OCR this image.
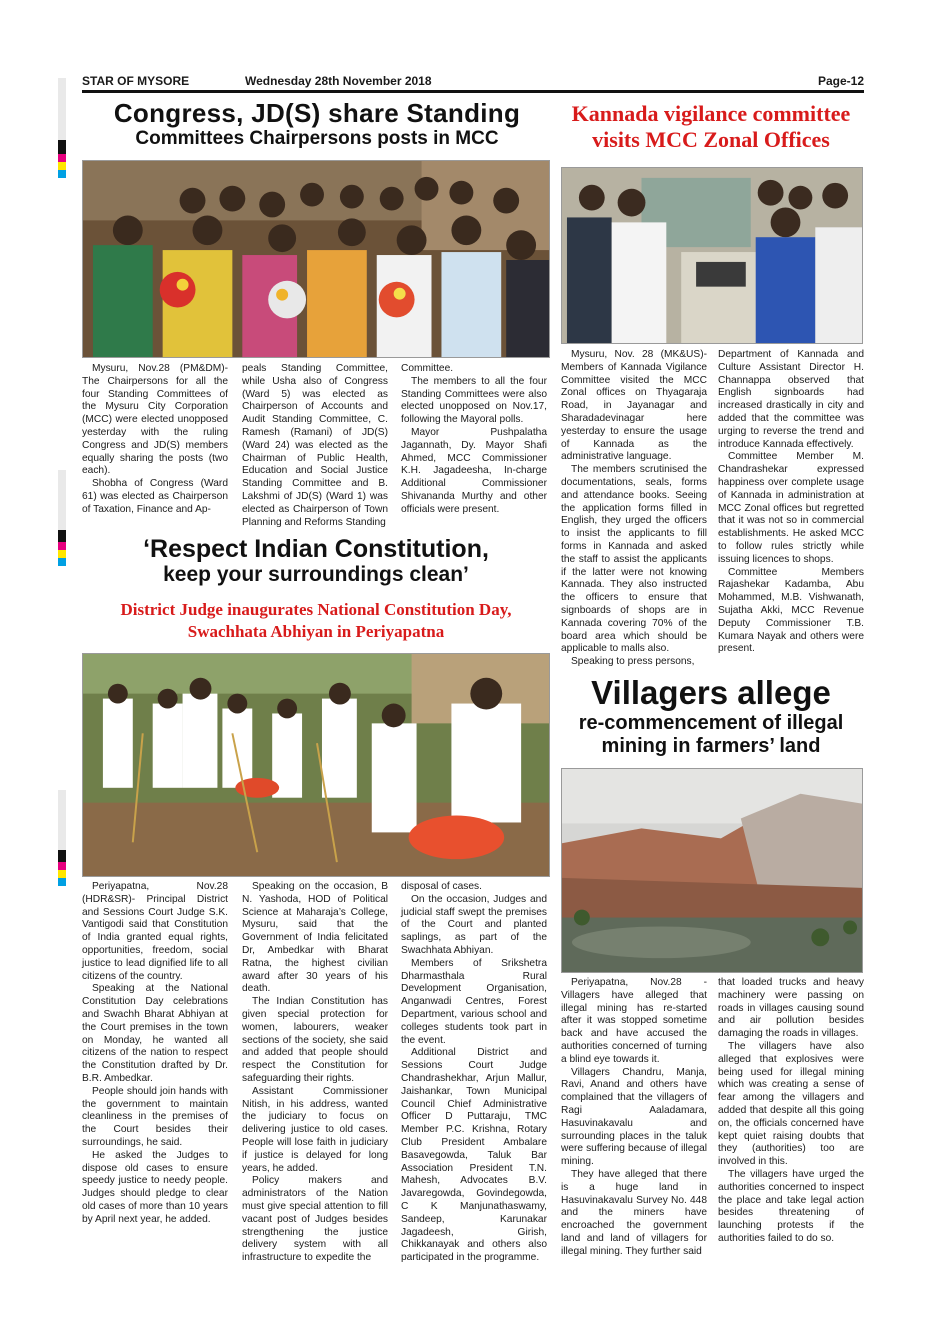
STAR OF MYSORE	Wednesday 28th November 2018	Page-12
Congress, JD(S) share Standing
Committees Chairpersons posts in MCC

Mysuru, Nov.28 (PM&DM)- The Chairpersons for all the four Standing Committees of the Mysuru City Corporation (MCC) were elected unopposed yesterday with the ruling Congress and JD(S) members equally sharing the posts (two each).

Shobha of Congress (Ward 61) was elected as Chairperson of Taxation, Finance and Ap-

peals Standing Committee, while Usha also of Congress (Ward 5) was elected as Chairperson of Accounts and Audit Standing Committee, C. Ramesh (Ramani) of JD(S) (Ward 24) was elected as the Chairman of Public Health, Education and Social Justice Standing Committee and B. Lakshmi of JD(S) (Ward 1) was elected as Chairperson of Town Planning and Reforms Standing

Committee.

The members to all the four Standing Committees were also elected unopposed on Nov.17, following the Mayoral polls.

Mayor Pushpalatha Jagannath, Dy. Mayor Shafi Ahmed, MCC Commissioner K.H. Jagadeesha, In-charge Additional Commissioner Shivananda Murthy and other officials were present.

Kannada vigilance committee
visits MCC Zonal Offices

Mysuru, Nov. 28 (MK&US)- Members of Kannada Vigilance Committee visited the MCC Zonal offices on Thyagaraja Road, in Jayanagar and Sharadadevinagar here yesterday to ensure the usage of Kannada as the administrative language.

The members scrutinised the documentations, seals, forms and attendance books. Seeing the application forms filled in English, they urged the officers to insist the applicants to fill forms in Kannada and asked the staff to assist the applicants if the latter were not knowing Kannada. They also instructed the officers to ensure that signboards of shops are in Kannada covering 70% of the board area which should be applicable to malls also.

Speaking to press persons,

Department of Kannada and Culture Assistant Director H. Channappa observed that English signboards had increased drastically in city and added that the committee was urging to reverse the trend and introduce Kannada effectively.

Committee Member M. Chandrashekar expressed happiness over complete usage of Kannada in administration at MCC Zonal offices but regretted that it was not so in commercial establishments. He asked MCC to follow rules strictly while issuing licences to shops.

Committee Members Rajashekar Kadamba, Abu Mohammed, M.B. Vishwanath, Sujatha Akki, MCC Revenue Deputy Commissioner T.B. Kumara Nayak and others were present.

‘Respect Indian Constitution,
keep your surroundings clean’
District Judge inaugurates National Constitution Day,
Swachhata Abhiyan in Periyapatna

Periyapatna, Nov.28 (HDR&SR)- Principal District and Sessions Court Judge S.K. Vantigodi said that Constitution of India granted equal rights, opportunities, freedom, social justice to lead dignified life to all citizens of the country.

Speaking at the National Constitution Day celebrations and Swachh Bharat Abhiyan at the Court premises in the town on Monday, he wanted all citizens of the nation to respect the Constitution drafted by Dr. B.R. Ambedkar.

People should join hands with the government to maintain cleanliness in the premises of the Court besides their surroundings, he said.

He asked the Judges to dispose old cases to ensure speedy justice to needy people. Judges should pledge to clear old cases of more than 10 years by April next year, he added.

Speaking on the occasion, B N. Yashoda, HOD of Political Science at Maharaja’s College, Mysuru, said that the Government of India felicitated Dr, Ambedkar with Bharat Ratna, the highest civilian award after 30 years of his death.

The Indian Constitution has given special protection for women, labourers, weaker sections of the society, she said and added that people should respect the Constitution for safeguarding their rights.

Assistant Commissioner Nitish, in his address, wanted the judiciary to focus on delivering justice to old cases. People will lose faith in judiciary if justice is delayed for long years, he added.

Policy makers and administrators of the Nation must give special attention to fill vacant post of Judges besides strengthening the justice delivery system with all infrastructure to expedite the

disposal of cases.

On the occasion, Judges and judicial staff swept the premises of the Court and planted saplings, as part of the Swachhata Abhiyan.

Members of Srikshetra Dharmasthala Rural Development Organisation, Anganwadi Centres, Forest Department, various school and colleges students took part in the event.

Additional District and Sessions Court Judge Chandrashekhar, Arjun Mallur, Jaishankar, Town Municipal Council Chief Administrative Officer D Puttaraju, TMC Member P.C. Krishna, Rotary Club President Ambalare Basavegowda, Taluk Bar Association President T.N. Mahesh, Advocates B.V. Javaregowda, Govindegowda, C K Manjunathaswamy, Sandeep, Karunakar Jagadeesh, Girish, Chikkanayak and others also participated in the programme.

Villagers allege
re-commencement of illegal
mining in farmers’ land

Periyapatna, Nov.28 - Villagers have alleged that illegal mining has re-started after it was stopped sometime back and have accused the authorities concerned of turning a blind eye towards it.

Villagers Chandru, Manja, Ravi, Anand and others have complained that the villagers of Ragi Aaladamara, Hasuvinakavalu and surrounding places in the taluk were suffering because of illegal mining.

They have alleged that there is a huge land in Hasuvinakavalu Survey No. 448 and the miners have encroached the government land and land of villagers for illegal mining. They further said

that loaded trucks and heavy machinery were passing on roads in villages causing sound and air pollution besides damaging the roads in villages.

The villagers have also alleged that explosives were being used for illegal mining which was creating a sense of fear among the villagers and added that despite all this going on, the officials concerned have kept quiet raising doubts that they (authorities) too are involved in this.

The villagers have urged the authorities concerned to inspect the place and take legal action besides threatening of launching protests if the authorities failed to do so.
